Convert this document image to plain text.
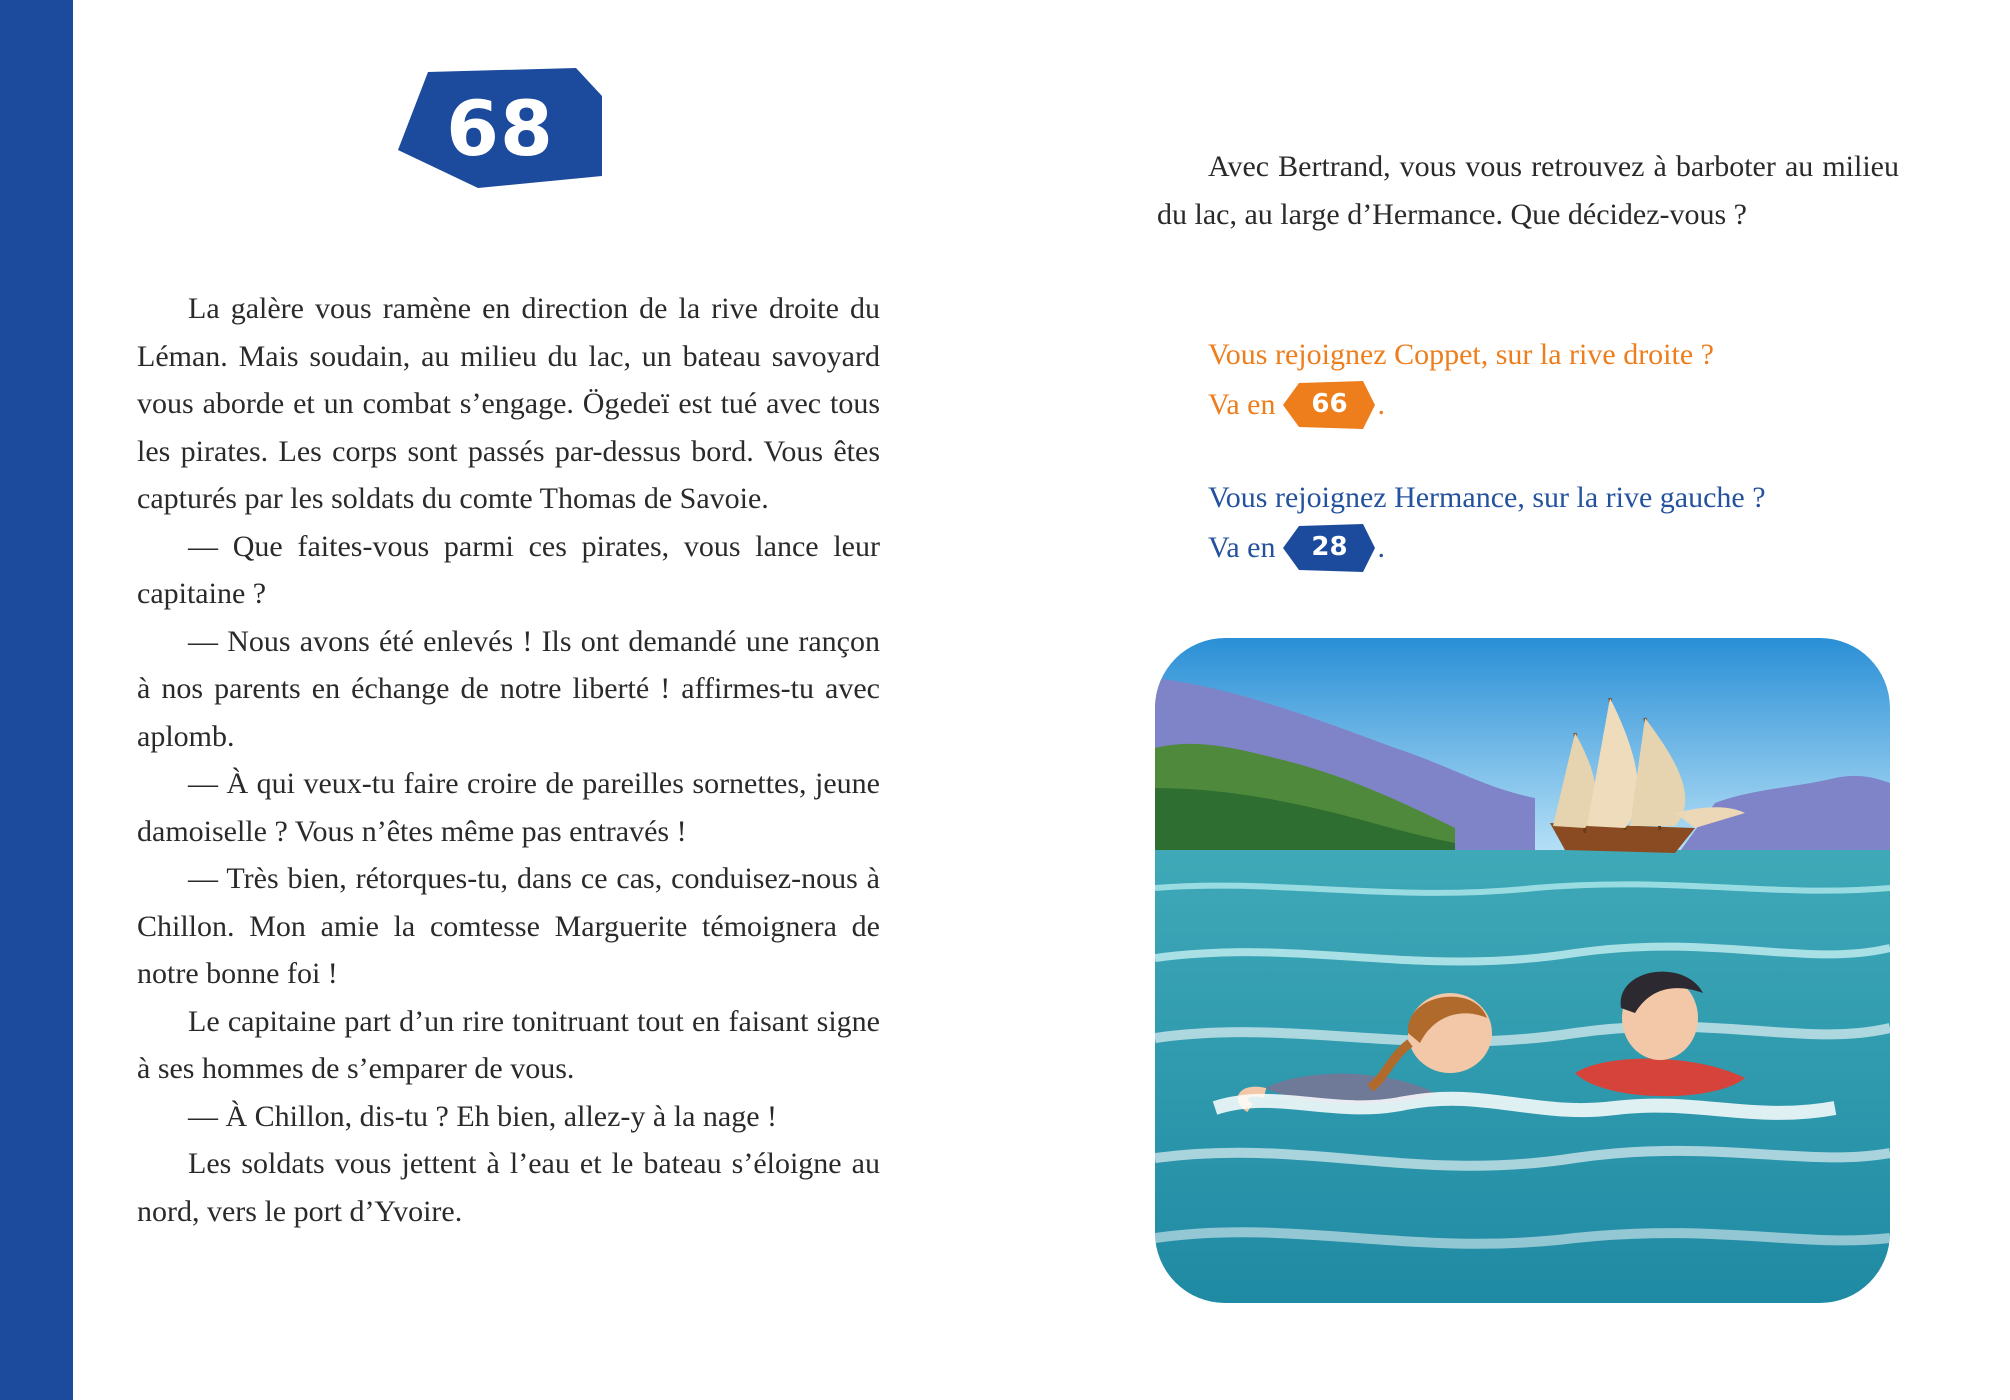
68

La galère vous ramène en direction de la rive droite du Léman. Mais soudain, au milieu du lac, un bateau savoyard vous aborde et un combat s’engage. Ögedeï est tué avec tous les pirates. Les corps sont passés par-dessus bord. Vous êtes capturés par les soldats du comte Thomas de Savoie.

— Que faites-vous parmi ces pirates, vous lance leur capitaine ?

— Nous avons été enlevés ! Ils ont demandé une rançon à nos parents en échange de notre liberté ! affirmes-tu avec aplomb.

— À qui veux-tu faire croire de pareilles sornettes, jeune damoiselle ? Vous n’êtes même pas entravés !

— Très bien, rétorques-tu, dans ce cas, conduisez-nous à Chillon. Mon amie la comtesse Marguerite témoignera de notre bonne foi !

Le capitaine part d’un rire tonitruant tout en faisant signe à ses hommes de s’emparer de vous.

— À Chillon, dis-tu ? Eh bien, allez-y à la nage !

Les soldats vous jettent à l’eau et le bateau s’éloigne au nord, vers le port d’Yvoire.

Avec Bertrand, vous vous retrouvez à barboter au milieu du lac, au large d’Hermance. Que décidez-vous ?

Vous rejoignez Coppet, sur la rive droite ?
Va en	66 .
Vous rejoignez Hermance, sur la rive gauche ?
Va en	28 .
